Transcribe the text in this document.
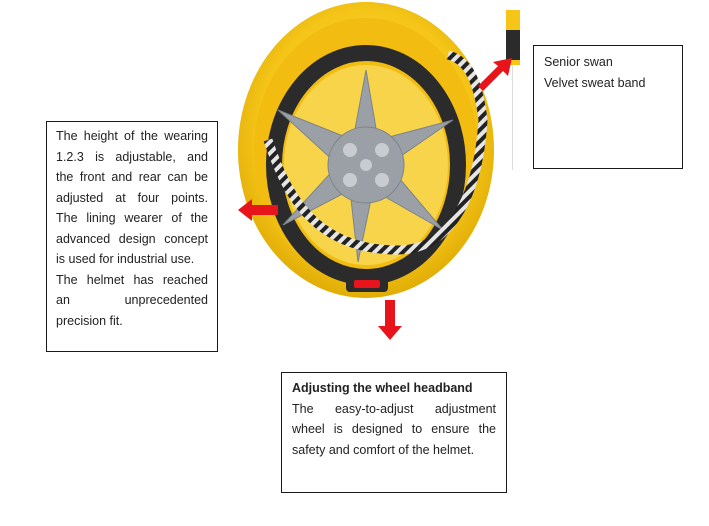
The height of the wearing

1.2.3 is adjustable, and

the front and rear can be

adjusted at four points.

The lining wearer of the

advanced design concept

is used for industrial use.

The helmet has reached

an unprecedented

precision fit.

Senior swan

Velvet sweat band

Adjusting the wheel headband

The easy-to-adjust adjustment

wheel is designed to ensure the

safety and comfort of the helmet.
